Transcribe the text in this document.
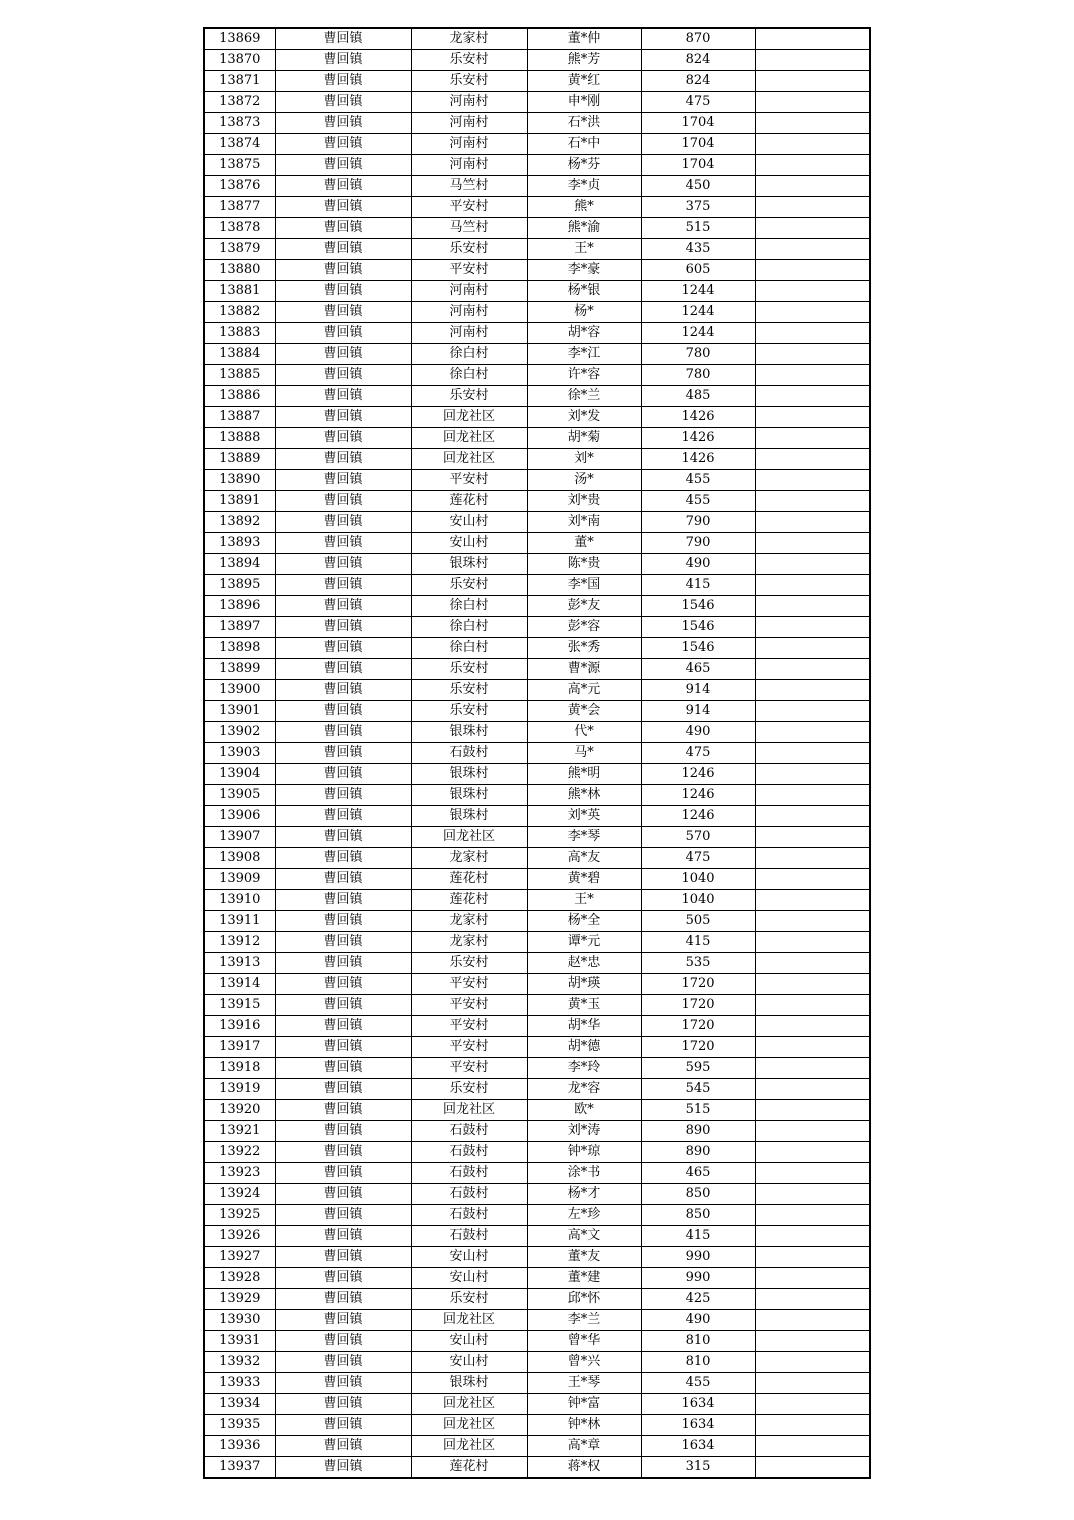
13869	曹回镇	龙家村	董*仲	870	
13870	曹回镇	乐安村	熊*芳	824	
13871	曹回镇	乐安村	黄*红	824	
13872	曹回镇	河南村	申*刚	475	
13873	曹回镇	河南村	石*洪	1704	
13874	曹回镇	河南村	石*中	1704	
13875	曹回镇	河南村	杨*芬	1704	
13876	曹回镇	马竺村	李*贞	450	
13877	曹回镇	平安村	熊*	375	
13878	曹回镇	马竺村	熊*渝	515	
13879	曹回镇	乐安村	王*	435	
13880	曹回镇	平安村	李*豪	605	
13881	曹回镇	河南村	杨*银	1244	
13882	曹回镇	河南村	杨*	1244	
13883	曹回镇	河南村	胡*容	1244	
13884	曹回镇	徐白村	李*江	780	
13885	曹回镇	徐白村	许*容	780	
13886	曹回镇	乐安村	徐*兰	485	
13887	曹回镇	回龙社区	刘*发	1426	
13888	曹回镇	回龙社区	胡*菊	1426	
13889	曹回镇	回龙社区	刘*	1426	
13890	曹回镇	平安村	汤*	455	
13891	曹回镇	莲花村	刘*贵	455	
13892	曹回镇	安山村	刘*南	790	
13893	曹回镇	安山村	董*	790	
13894	曹回镇	银珠村	陈*贵	490	
13895	曹回镇	乐安村	李*国	415	
13896	曹回镇	徐白村	彭*友	1546	
13897	曹回镇	徐白村	彭*容	1546	
13898	曹回镇	徐白村	张*秀	1546	
13899	曹回镇	乐安村	曹*源	465	
13900	曹回镇	乐安村	高*元	914	
13901	曹回镇	乐安村	黄*会	914	
13902	曹回镇	银珠村	代*	490	
13903	曹回镇	石鼓村	马*	475	
13904	曹回镇	银珠村	熊*明	1246	
13905	曹回镇	银珠村	熊*林	1246	
13906	曹回镇	银珠村	刘*英	1246	
13907	曹回镇	回龙社区	李*琴	570	
13908	曹回镇	龙家村	高*友	475	
13909	曹回镇	莲花村	黄*碧	1040	
13910	曹回镇	莲花村	王*	1040	
13911	曹回镇	龙家村	杨*全	505	
13912	曹回镇	龙家村	谭*元	415	
13913	曹回镇	乐安村	赵*忠	535	
13914	曹回镇	平安村	胡*瑛	1720	
13915	曹回镇	平安村	黄*玉	1720	
13916	曹回镇	平安村	胡*华	1720	
13917	曹回镇	平安村	胡*德	1720	
13918	曹回镇	平安村	李*玲	595	
13919	曹回镇	乐安村	龙*容	545	
13920	曹回镇	回龙社区	欧*	515	
13921	曹回镇	石鼓村	刘*涛	890	
13922	曹回镇	石鼓村	钟*琼	890	
13923	曹回镇	石鼓村	涂*书	465	
13924	曹回镇	石鼓村	杨*才	850	
13925	曹回镇	石鼓村	左*珍	850	
13926	曹回镇	石鼓村	高*文	415	
13927	曹回镇	安山村	董*友	990	
13928	曹回镇	安山村	董*建	990	
13929	曹回镇	乐安村	邱*怀	425	
13930	曹回镇	回龙社区	李*兰	490	
13931	曹回镇	安山村	曾*华	810	
13932	曹回镇	安山村	曾*兴	810	
13933	曹回镇	银珠村	王*琴	455	
13934	曹回镇	回龙社区	钟*富	1634	
13935	曹回镇	回龙社区	钟*林	1634	
13936	曹回镇	回龙社区	高*章	1634	
13937	曹回镇	莲花村	蒋*权	315	
